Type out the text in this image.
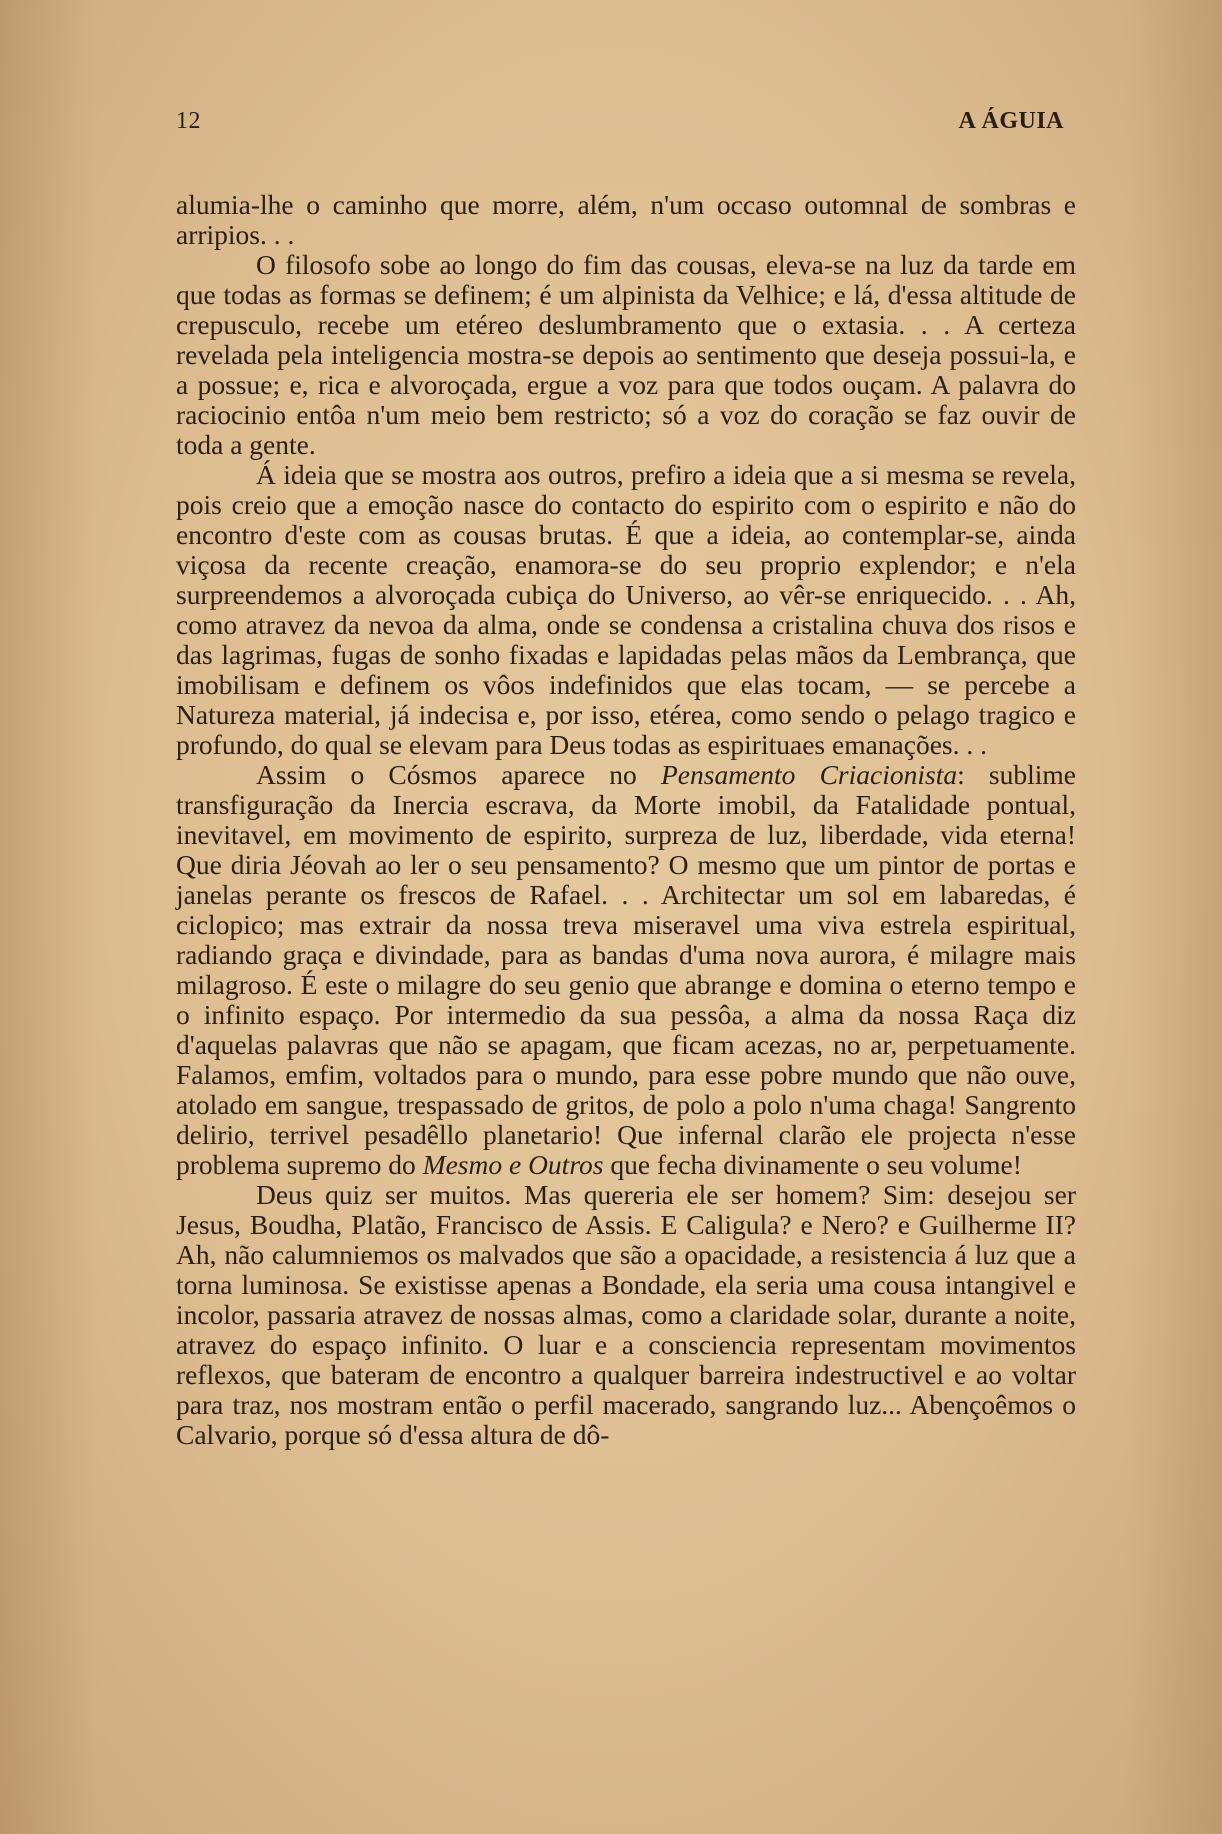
12	A ÁGUIA

alumia-lhe o caminho que morre, além, n'um occaso outomnal de sombras e arripios. . .

O filosofo sobe ao longo do fim das cousas, eleva-se na luz da tarde em que todas as formas se definem; é um alpinista da Velhice; e lá, d'essa altitude de crepusculo, recebe um etéreo deslumbramento que o extasia. . . A certeza revelada pela inteligencia mostra-se depois ao sentimento que deseja possui-la, e a possue; e, rica e alvoroçada, ergue a voz para que todos ouçam. A palavra do raciocinio entôa n'um meio bem restricto; só a voz do coração se faz ouvir de toda a gente.

Á ideia que se mostra aos outros, prefiro a ideia que a si mesma se revela, pois creio que a emoção nasce do contacto do espirito com o espirito e não do encontro d'este com as cousas brutas. É que a ideia, ao contemplar-se, ainda viçosa da recente creação, enamora-se do seu proprio explendor; e n'ela surpreendemos a alvoroçada cubiça do Universo, ao vêr-se enriquecido. . . Ah, como atravez da nevoa da alma, onde se condensa a cristalina chuva dos risos e das lagrimas, fugas de sonho fixadas e lapidadas pelas mãos da Lembrança, que imobilisam e definem os vôos indefinidos que elas tocam, — se percebe a Natureza material, já indecisa e, por isso, etérea, como sendo o pelago tragico e profundo, do qual se elevam para Deus todas as espirituaes emanações. . .

Assim o Cósmos aparece no Pensamento Criacionista: sublime transfiguração da Inercia escrava, da Morte imobil, da Fatalidade pontual, inevitavel, em movimento de espirito, surpreza de luz, liberdade, vida eterna! Que diria Jéovah ao ler o seu pensamento? O mesmo que um pintor de portas e janelas perante os frescos de Rafael. . . Architectar um sol em labaredas, é ciclopico; mas extrair da nossa treva miseravel uma viva estrela espiritual, radiando graça e divindade, para as bandas d'uma nova aurora, é milagre mais milagroso. É este o milagre do seu genio que abrange e domina o eterno tempo e o infinito espaço. Por intermedio da sua pessôa, a alma da nossa Raça diz d'aquelas palavras que não se apagam, que ficam acezas, no ar, perpetuamente. Falamos, emfim, voltados para o mundo, para esse pobre mundo que não ouve, atolado em sangue, trespassado de gritos, de polo a polo n'uma chaga! Sangrento delirio, terrivel pesadêllo planetario! Que infernal clarão ele projecta n'esse problema supremo do Mesmo e Outros que fecha divinamente o seu volume!

Deus quiz ser muitos. Mas quereria ele ser homem? Sim: desejou ser Jesus, Boudha, Platão, Francisco de Assis. E Caligula? e Nero? e Guilherme II? Ah, não calumniemos os malvados que são a opacidade, a resistencia á luz que a torna luminosa. Se existisse apenas a Bondade, ela seria uma cousa intangivel e incolor, passaria atravez de nossas almas, como a claridade solar, durante a noite, atravez do espaço infinito. O luar e a consciencia representam movimentos reflexos, que bateram de encontro a qualquer barreira indestructivel e ao voltar para traz, nos mostram então o perfil macerado, sangrando luz... Abençoêmos o Calvario, porque só d'essa altura de dô-
